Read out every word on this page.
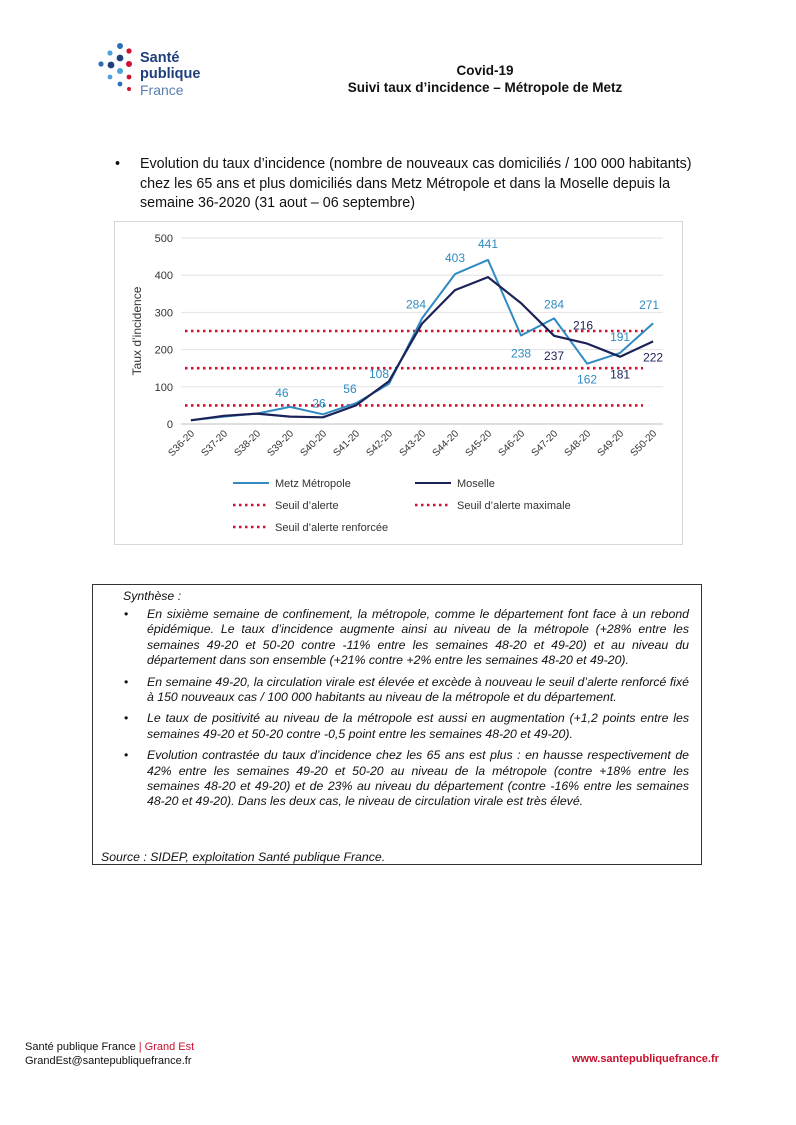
Santé
publique
France
Covid-19
Suivi taux d’incidence – Métropole de Metz
• Evolution du taux d’incidence (nombre de nouveaux cas domiciliés / 100 000 habitants) chez les 65 ans et plus domiciliés dans Metz Métropole et dans la Moselle depuis la semaine 36-2020 (31 aout – 06 septembre)
0
100
200
300
400
500
Taux d’incidence
S36-20 S37-20 S38-20 S39-20 S40-20 S41-20 S42-20 S43-20 S44-20 S45-20 S46-20 S47-20 S48-20 S49-20 S50-20
46
26
56
108
284
403
441
238
284
162
191
271
237
216
181
222
Metz Métropole	Moselle
Seuil d’alerte	Seuil d’alerte maximale
Seuil d’alerte renforcée
Synthèse :
• En sixième semaine de confinement, la métropole, comme le département font face à un rebond épidémique. Le taux d’incidence augmente ainsi au niveau de la métropole (+28% entre les semaines 49-20 et 50-20 contre -11% entre les semaines 48-20 et 49-20) et au niveau du département dans son ensemble (+21% contre +2% entre les semaines 48-20 et 49-20).
• En semaine 49-20, la circulation virale est élevée et excède à nouveau le seuil d’alerte renforcé fixé à 150 nouveaux cas / 100 000 habitants au niveau de la métropole et du département.
• Le taux de positivité au niveau de la métropole est aussi en augmentation (+1,2 points entre les semaines 49-20 et 50-20 contre -0,5 point entre les semaines 48-20 et 49-20).
• Evolution contrastée du taux d’incidence chez les 65 ans est plus : en hausse respectivement de 42% entre les semaines 49-20 et 50-20 au niveau de la métropole (contre +18% entre les semaines 48-20 et 49-20) et de 23% au niveau du département (contre -16% entre les semaines 48-20 et 49-20). Dans les deux cas, le niveau de circulation virale est très élevé.
Source : SIDEP, exploitation Santé publique France.
Santé publique France | Grand Est
GrandEst@santepubliquefrance.fr	www.santepubliquefrance.fr
